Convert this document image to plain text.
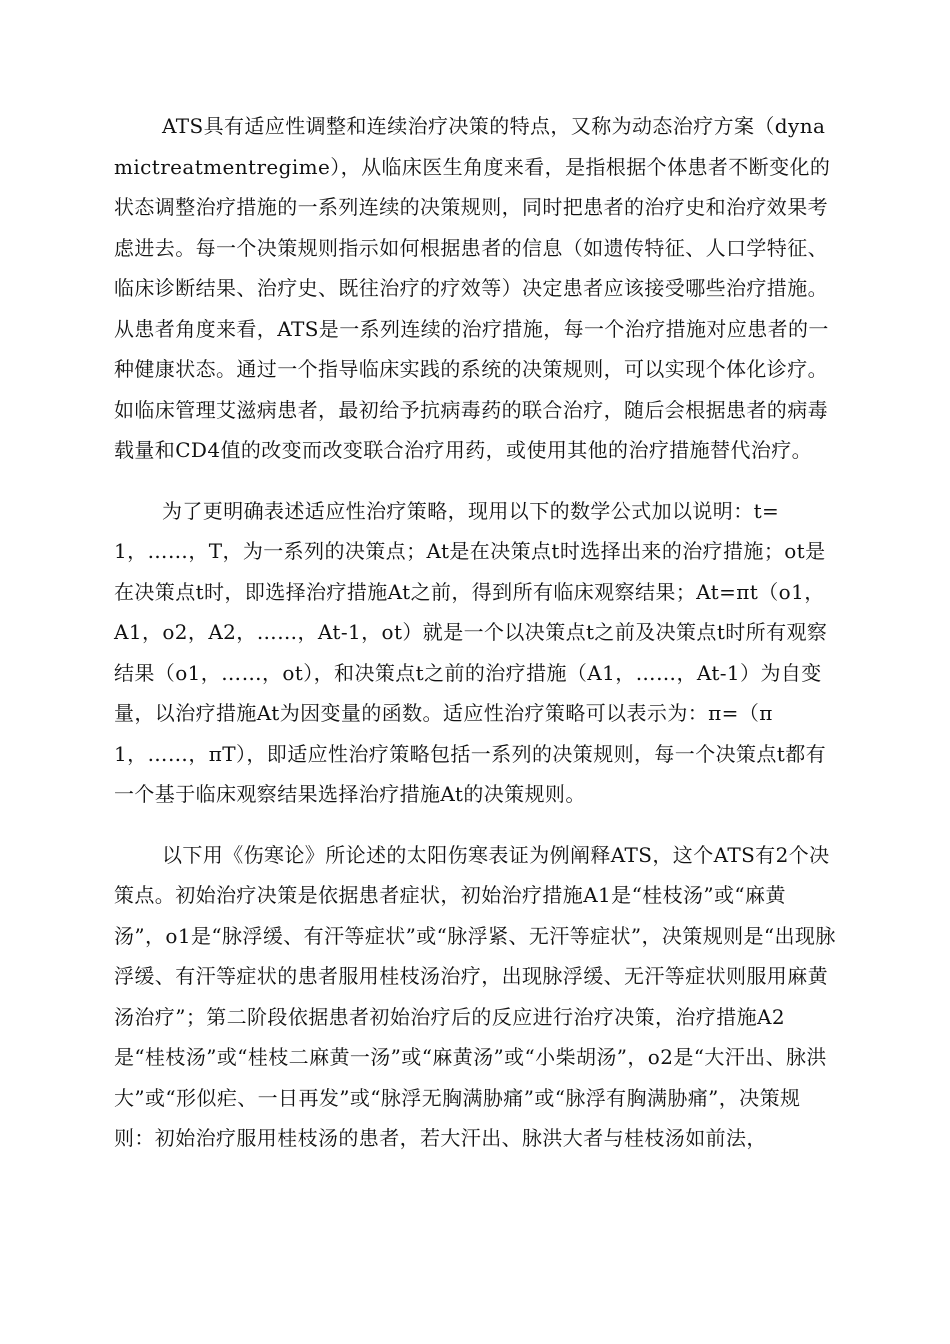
ATS具有适应性调整和连续治疗决策的特点，又称为动态治疗方案（dynamictreatmentregime），从临床医生角度来看，是指根据个体患者不断变化的状态调整治疗措施的一系列连续的决策规则，同时把患者的治疗史和治疗效果考虑进去。每一个决策规则指示如何根据患者的信息（如遗传特征、人口学特征、临床诊断结果、治疗史、既往治疗的疗效等）决定患者应该接受哪些治疗措施。从患者角度来看，ATS是一系列连续的治疗措施，每一个治疗措施对应患者的一种健康状态。通过一个指导临床实践的系统的决策规则，可以实现个体化诊疗。如临床管理艾滋病患者，最初给予抗病毒药的联合治疗，随后会根据患者的病毒载量和CD4值的改变而改变联合治疗用药，或使用其他的治疗措施替代治疗。

为了更明确表述适应性治疗策略，现用以下的数学公式加以说明：t=1，……，T，为一系列的决策点；At是在决策点t时选择出来的治疗措施；ot是在决策点t时，即选择治疗措施At之前，得到所有临床观察结果；At=πt（o1，A1，o2，A2，……，At-1，ot）就是一个以决策点t之前及决策点t时所有观察结果（o1，……，ot），和决策点t之前的治疗措施（A1，……，At-1）为自变量，以治疗措施At为因变量的函数。适应性治疗策略可以表示为：π=（π1，……，πT），即适应性治疗策略包括一系列的决策规则，每一个决策点t都有一个基于临床观察结果选择治疗措施At的决策规则。

以下用《伤寒论》所论述的太阳伤寒表证为例阐释ATS，这个ATS有2个决策点。初始治疗决策是依据患者症状，初始治疗措施A1是“桂枝汤”或“麻黄汤”，o1是“脉浮缓、有汗等症状”或“脉浮紧、无汗等症状”，决策规则是“出现脉浮缓、有汗等症状的患者服用桂枝汤治疗，出现脉浮缓、无汗等症状则服用麻黄汤治疗”；第二阶段依据患者初始治疗后的反应进行治疗决策，治疗措施A2是“桂枝汤”或“桂枝二麻黄一汤”或“麻黄汤”或“小柴胡汤”，o2是“大汗出、脉洪大”或“形似疟、一日再发”或“脉浮无胸满胁痛”或“脉浮有胸满胁痛”，决策规则：初始治疗服用桂枝汤的患者，若大汗出、脉洪大者与桂枝汤如前法，
